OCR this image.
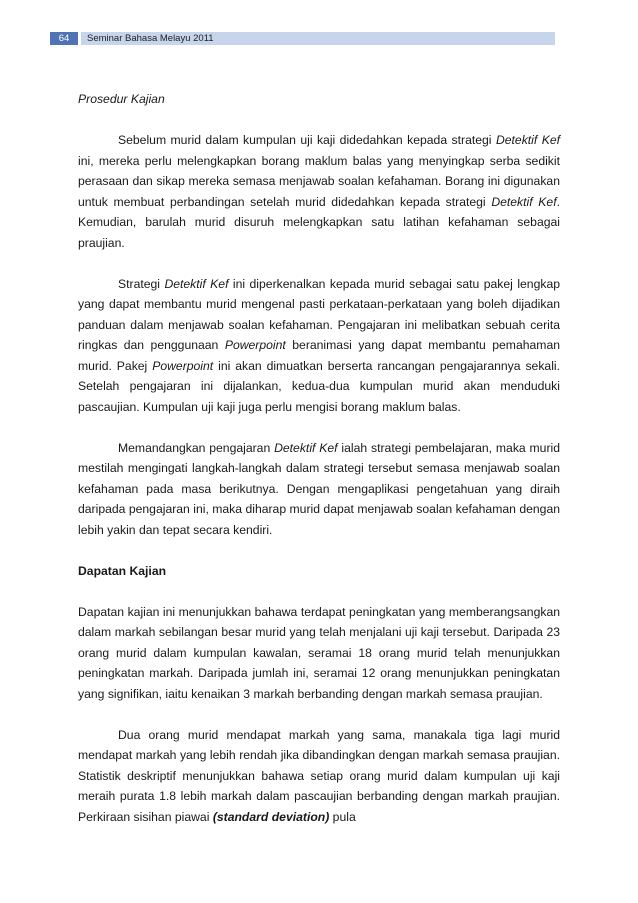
64	Seminar Bahasa Melayu 2011
Prosedur Kajian

Sebelum murid dalam kumpulan uji kaji didedahkan kepada strategi Detektif Kef ini, mereka perlu melengkapkan borang maklum balas yang menyingkap serba sedikit perasaan dan sikap mereka semasa menjawab soalan kefahaman. Borang ini digunakan untuk membuat perbandingan setelah murid didedahkan kepada strategi Detektif Kef. Kemudian, barulah murid disuruh melengkapkan satu latihan kefahaman sebagai praujian.

Strategi Detektif Kef ini diperkenalkan kepada murid sebagai satu pakej lengkap yang dapat membantu murid mengenal pasti perkataan-perkataan yang boleh dijadikan panduan dalam menjawab soalan kefahaman. Pengajaran ini melibatkan sebuah cerita ringkas dan penggunaan Powerpoint beranimasi yang dapat membantu pemahaman murid. Pakej Powerpoint ini akan dimuatkan berserta rancangan pengajarannya sekali. Setelah pengajaran ini dijalankan, kedua-dua kumpulan murid akan menduduki pascaujian. Kumpulan uji kaji juga perlu mengisi borang maklum balas.

Memandangkan pengajaran Detektif Kef ialah strategi pembelajaran, maka murid mestilah mengingati langkah-langkah dalam strategi tersebut semasa menjawab soalan kefahaman pada masa berikutnya. Dengan mengaplikasi pengetahuan yang diraih daripada pengajaran ini, maka diharap murid dapat menjawab soalan kefahaman dengan lebih yakin dan tepat secara kendiri.

Dapatan Kajian

Dapatan kajian ini menunjukkan bahawa terdapat peningkatan yang memberangsangkan dalam markah sebilangan besar murid yang telah menjalani uji kaji tersebut. Daripada 23 orang murid dalam kumpulan kawalan, seramai 18 orang murid telah menunjukkan peningkatan markah. Daripada jumlah ini, seramai 12 orang menunjukkan peningkatan yang signifikan, iaitu kenaikan 3 markah berbanding dengan markah semasa praujian.

Dua orang murid mendapat markah yang sama, manakala tiga lagi murid mendapat markah yang lebih rendah jika dibandingkan dengan markah semasa praujian. Statistik deskriptif menunjukkan bahawa setiap orang murid dalam kumpulan uji kaji meraih purata 1.8 lebih markah dalam pascaujian berbanding dengan markah praujian. Perkiraan sisihan piawai (standard deviation) pula
